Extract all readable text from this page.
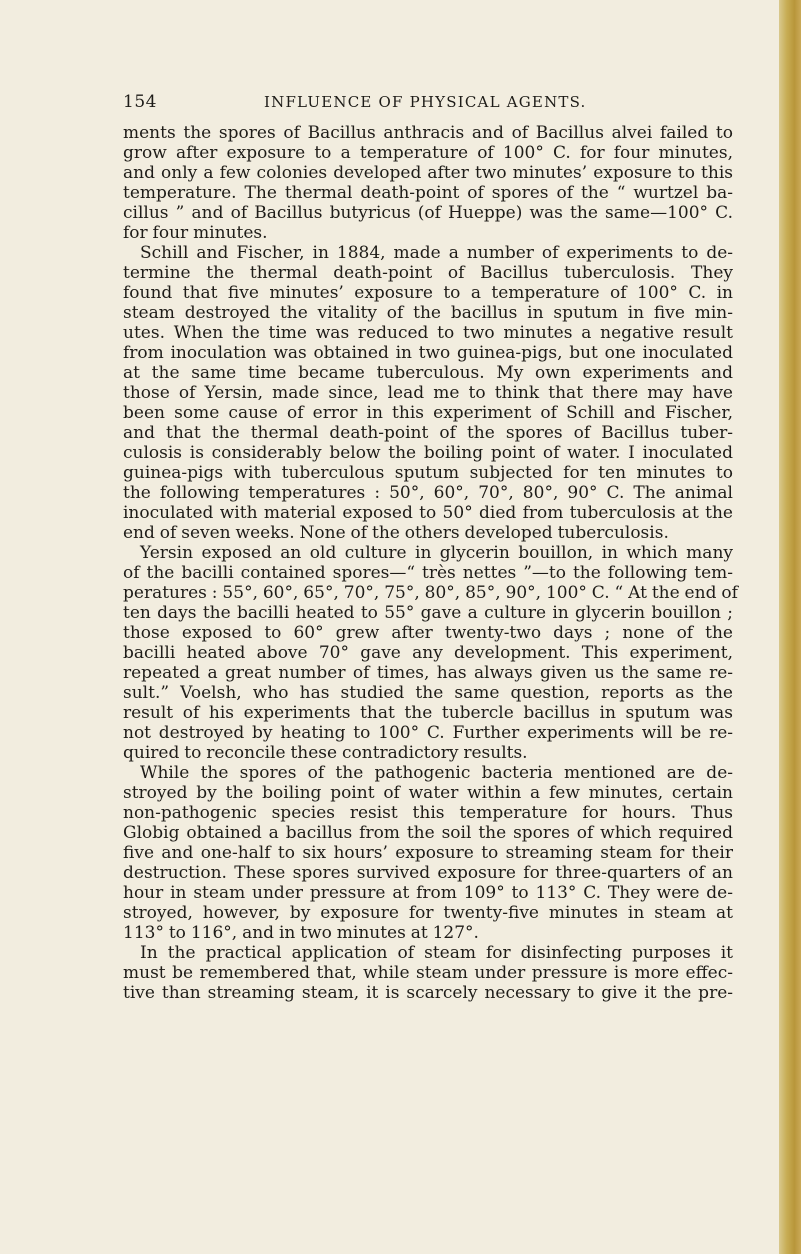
154	INFLUENCE OF PHYSICAL AGENTS.
ments the spores of Bacillus anthracis and of Bacillus alvei failed to
grow after exposure to a temperature of 100° C. for four minutes,
and only a few colonies developed after two minutes’ exposure to this
temperature. The thermal death-point of spores of the “ wurtzel ba-
cillus ” and of Bacillus butyricus (of Hueppe) was the same—100° C.
for four minutes.
Schill and Fischer, in 1884, made a number of experiments to de-
termine the thermal death-point of Bacillus tuberculosis. They
found that five minutes’ exposure to a temperature of 100° C. in
steam destroyed the vitality of the bacillus in sputum in five min-
utes. When the time was reduced to two minutes a negative result
from inoculation was obtained in two guinea-pigs, but one inoculated
at the same time became tuberculous. My own experiments and
those of Yersin, made since, lead me to think that there may have
been some cause of error in this experiment of Schill and Fischer,
and that the thermal death-point of the spores of Bacillus tuber-
culosis is considerably below the boiling point of water. I inoculated
guinea-pigs with tuberculous sputum subjected for ten minutes to
the following temperatures : 50°, 60°, 70°, 80°, 90° C. The animal
inoculated with material exposed to 50° died from tuberculosis at the
end of seven weeks. None of the others developed tuberculosis.
Yersin exposed an old culture in glycerin bouillon, in which many
of the bacilli contained spores—“ très nettes ”—to the following tem-
peratures : 55°, 60°, 65°, 70°, 75°, 80°, 85°, 90°, 100° C. “ At the end of
ten days the bacilli heated to 55° gave a culture in glycerin bouillon ;
those exposed to 60° grew after twenty-two days ; none of the
bacilli heated above 70° gave any development. This experiment,
repeated a great number of times, has always given us the same re-
sult.” Voelsh, who has studied the same question, reports as the
result of his experiments that the tubercle bacillus in sputum was
not destroyed by heating to 100° C. Further experiments will be re-
quired to reconcile these contradictory results.
While the spores of the pathogenic bacteria mentioned are de-
stroyed by the boiling point of water within a few minutes, certain
non-pathogenic species resist this temperature for hours. Thus
Globig obtained a bacillus from the soil the spores of which required
five and one-half to six hours’ exposure to streaming steam for their
destruction. These spores survived exposure for three-quarters of an
hour in steam under pressure at from 109° to 113° C. They were de-
stroyed, however, by exposure for twenty-five minutes in steam at
113° to 116°, and in two minutes at 127°.
In the practical application of steam for disinfecting purposes it
must be remembered that, while steam under pressure is more effec-
tive than streaming steam, it is scarcely necessary to give it the pre-
